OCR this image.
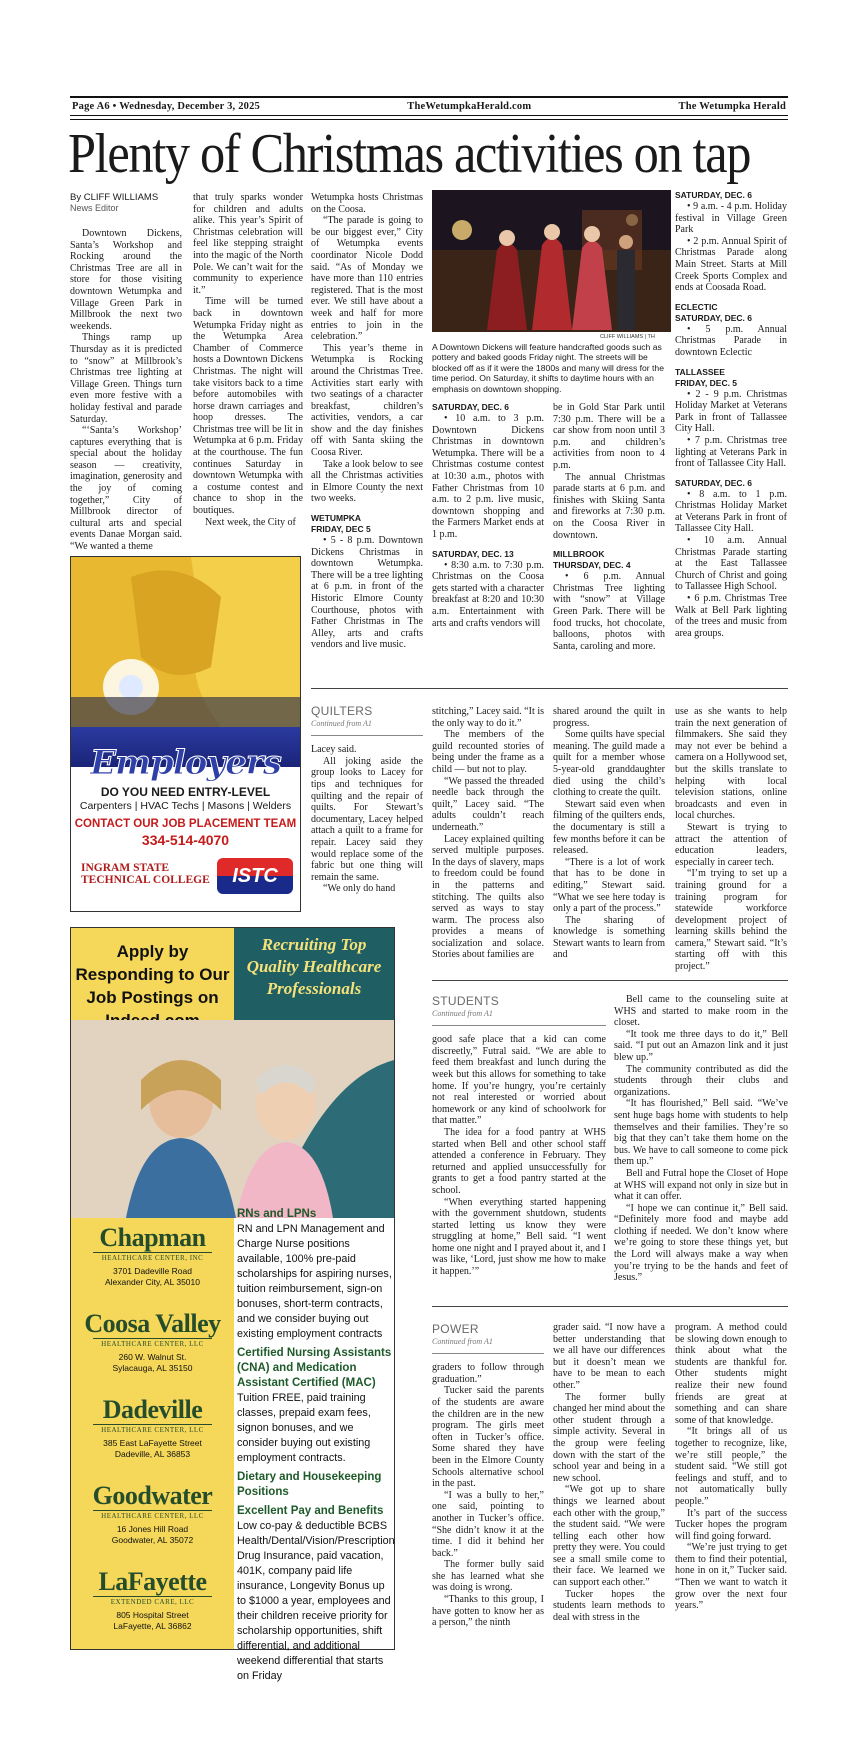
Page A6 • Wednesday, December 3, 2025	TheWetumpkaHerald.com	The Wetumpka Herald
Plenty of Christmas activities on tap
By CLIFF WILLIAMS
News Editor

Downtown Dickens, Santa’s Workshop and Rocking around the Christmas Tree are all in store for those visiting downtown Wetumpka and Village Green Park in Millbrook the next two weekends.

Things ramp up Thursday as it is predicted to “snow” at Millbrook’s Christmas tree lighting at Village Green. Things turn even more festive with a holiday festival and parade Saturday.

“‘Santa’s Workshop’ captures everything that is special about the holiday season — creativity, imagination, generosity and the joy of coming together,” City of Millbrook director of cultural arts and special events Danae Morgan said. “We wanted a theme

that truly sparks wonder for children and adults alike. This year’s Spirit of Christmas celebration will feel like stepping straight into the magic of the North Pole. We can’t wait for the community to experience it.”

Time will be turned back in downtown Wetumpka Friday night as the Wetumpka Area Chamber of Commerce hosts a Downtown Dickens Christmas. The night will take visitors back to a time before automobiles with horse drawn carriages and hoop dresses. The Christmas tree will be lit in Wetumpka at 6 p.m. Friday at the courthouse. The fun continues Saturday in downtown Wetumpka with a costume contest and chance to shop in the boutiques.

Next week, the City of

Wetumpka hosts Christmas on the Coosa.

“The parade is going to be our biggest ever,” City of Wetumpka events coordinator Nicole Dodd said. “As of Monday we have more than 110 entries registered. That is the most ever. We still have about a week and half for more entries to join in the celebration.”

This year’s theme in Wetumpka is Rocking around the Christmas Tree. Activities start early with two seatings of a character breakfast, children’s activities, vendors, a car show and the day finishes off with Santa skiing the Coosa River.

Take a look below to see all the Christmas activities in Elmore County the next two weeks.

WETUMPKA
FRIDAY, DEC 5

• 5 - 8 p.m. Downtown Dickens Christmas in downtown Wetumpka. There will be a tree lighting at 6 p.m. in front of the Historic Elmore County Courthouse, photos with Father Christmas in The Alley, arts and crafts vendors and live music.

CLIFF WILLIAMS | TH
A Downtown Dickens will feature handcrafted goods such as pottery and baked goods Friday night. The streets will be blocked off as if it were the 1800s and many will dress for the time period. On Saturday, it shifts to daytime hours with an emphasis on downtown shopping.
SATURDAY, DEC. 6

• 10 a.m. to 3 p.m. Downtown Dickens Christmas in downtown Wetumpka. There will be a Christmas costume contest at 10:30 a.m., photos with Father Christmas from 10 a.m. to 2 p.m. live music, downtown shopping and the Farmers Market ends at 1 p.m.

SATURDAY, DEC. 13

• 8:30 a.m. to 7:30 p.m. Christmas on the Coosa gets started with a character breakfast at 8:20 and 10:30 a.m. Entertainment with arts and crafts vendors will

be in Gold Star Park until 7:30 p.m. There will be a car show from noon until 3 p.m. and children’s activities from noon to 4 p.m.

The annual Christmas parade starts at 6 p.m. and finishes with Skiing Santa and fireworks at 7:30 p.m. on the Coosa River in downtown.

MILLBROOK
THURSDAY, DEC. 4

• 6 p.m. Annual Christmas Tree lighting with “snow” at Village Green Park. There will be food trucks, hot chocolate, balloons, photos with Santa, caroling and more.

SATURDAY, DEC. 6

• 9 a.m. - 4 p.m. Holiday festival in Village Green Park

• 2 p.m. Annual Spirit of Christmas Parade along Main Street. Starts at Mill Creek Sports Complex and ends at Coosada Road.

ECLECTIC
SATURDAY, DEC. 6

• 5 p.m. Annual Christmas Parade in downtown Eclectic

TALLASSEE
FRIDAY, DEC. 5

• 2 - 9 p.m. Christmas Holiday Market at Veterans Park in front of Tallassee City Hall.

• 7 p.m. Christmas tree lighting at Veterans Park in front of Tallassee City Hall.

SATURDAY, DEC. 6

• 8 a.m. to 1 p.m. Christmas Holiday Market at Veterans Park in front of Tallassee City Hall.

• 10 a.m. Annual Christmas Parade starting at the East Tallassee Church of Christ and going to Tallassee High School.

• 6 p.m. Christmas Tree Walk at Bell Park lighting of the trees and music from area groups.

QUILTERS
Continued from A1

Lacey said.

All joking aside the group looks to Lacey for tips and techniques for quilting and the repair of quilts. For Stewart’s documentary, Lacey helped attach a quilt to a frame for repair. Lacey said they would replace some of the fabric but one thing will remain the same.

“We only do hand

stitching,” Lacey said. “It is the only way to do it.”

The members of the guild recounted stories of being under the frame as a child — but not to play.

“We passed the threaded needle back through the quilt,” Lacey said. “The adults couldn’t reach underneath.”

Lacey explained quilting served multiple purposes. In the days of slavery, maps to freedom could be found in the patterns and stitching. The quilts also served as ways to stay warm. The process also provides a means of socialization and solace. Stories about families are

shared around the quilt in progress.

Some quilts have special meaning. The guild made a quilt for a member whose 5-year-old granddaughter died using the child’s clothing to create the quilt.

Stewart said even when filming of the quilters ends, the documentary is still a few months before it can be released.

“There is a lot of work that has to be done in editing,” Stewart said. “What we see here today is only a part of the process.”

The sharing of knowledge is something Stewart wants to learn from and

use as she wants to help train the next generation of filmmakers. She said they may not ever be behind a camera on a Hollywood set, but the skills translate to helping with local television stations, online broadcasts and even in local churches.

Stewart is trying to attract the attention of education leaders, especially in career tech.

“I’m trying to set up a training ground for a training program for statewide workforce development project of learning skills behind the camera,” Stewart said. “It’s starting off with this project.”

STUDENTS
Continued from A1

good safe place that a kid can come discreetly,” Futral said. “We are able to feed them breakfast and lunch during the week but this allows for something to take home. If you’re hungry, you’re certainly not real interested or worried about homework or any kind of schoolwork for that matter.”

The idea for a food pantry at WHS started when Bell and other school staff attended a conference in February. They returned and applied unsuccessfully for grants to get a food pantry started at the school.

“When everything started happening with the government shutdown, students started letting us know they were struggling at home,” Bell said. “I went home one night and I prayed about it, and I was like, ‘Lord, just show me how to make it happen.’”

Bell came to the counseling suite at WHS and started to make room in the closet.

“It took me three days to do it,” Bell said. “I put out an Amazon link and it just blew up.”

The community contributed as did the students through their clubs and organizations.

“It has flourished,” Bell said. “We’ve sent huge bags home with students to help themselves and their families. They’re so big that they can’t take them home on the bus. We have to call someone to come pick them up.”

Bell and Futral hope the Closet of Hope at WHS will expand not only in size but in what it can offer.

“I hope we can continue it,” Bell said. “Definitely more food and maybe add clothing if needed. We don’t know where we’re going to store these things yet, but the Lord will always make a way when you’re trying to be the hands and feet of Jesus.”

POWER
Continued from A1

graders to follow through graduation.”

Tucker said the parents of the students are aware the children are in the new program. The girls meet often in Tucker’s office. Some shared they have been in the Elmore County Schools alternative school in the past.

“I was a bully to her,” one said, pointing to another in Tucker’s office. “She didn’t know it at the time. I did it behind her back.”

The former bully said she has learned what she was doing is wrong.

“Thanks to this group, I have gotten to know her as a person,” the ninth

grader said. “I now have a better understanding that we all have our differences but it doesn’t mean we have to be mean to each other.”

The former bully changed her mind about the other student through a simple activity. Several in the group were feeling down with the start of the school year and being in a new school.

“We got up to share things we learned about each other with the group,” the student said. “We were telling each other how pretty they were. You could see a small smile come to their face. We learned we can support each other.”

Tucker hopes the students learn methods to deal with stress in the

program. A method could be slowing down enough to think about what the students are thankful for. Other students might realize their new found friends are great at something and can share some of that knowledge.

“It brings all of us together to recognize, like, we’re still people,” the student said. “We still got feelings and stuff, and to not automatically bully people.”

It’s part of the success Tucker hopes the program will find going forward.

“We’re just trying to get them to find their potential, hone in on it,” Tucker said. “Then we want to watch it grow over the next four years.”

Employers
DO YOU NEED ENTRY-LEVEL
Carpenters | HVAC Techs | Masons | Welders
CONTACT OUR JOB PLACEMENT TEAM
334-514-4070
INGRAM STATE TECHNICAL COLLEGE	ISTC
Apply by Responding to Our Job Postings on
Recruiting Top Quality Healthcare Professionals
Chapman
HEALTHCARE CENTER, INC
3701 Dadeville Road
Alexander City, AL 35010
Coosa Valley
HEALTHCARE CENTER, LLC
260 W. Walnut St.
Sylacauga, AL 35150
Dadeville
HEALTHCARE CENTER, LLC
385 East LaFayette Street
Dadeville, AL 36853
Goodwater
HEALTHCARE CENTER, LLC
16 Jones Hill Road
Goodwater, AL 35072
LaFayette
EXTENDED CARE, LLC
805 Hospital Street
LaFayette, AL 36862
RNs and LPNs
RN and LPN Management and Charge Nurse positions available, 100% pre-paid scholarships for aspiring nurses, tuition reimbursement, sign-on bonuses, short-term contracts, and we consider buying out existing employment contracts
Certified Nursing Assistants (CNA) and Medication Assistant Certified (MAC)
Tuition FREE, paid training classes, prepaid exam fees, signon bonuses, and we consider buying out existing employment contracts.
Dietary and Housekeeping Positions
Excellent Pay and Benefits
Low co-pay & deductible BCBS Health/Dental/Vision/Prescription Drug Insurance, paid vacation, 401K, company paid life insurance, Longevity Bonus up to $1000 a year, employees and their children receive priority for scholarship opportunities, shift differential, and additional weekend differential that starts on Friday
